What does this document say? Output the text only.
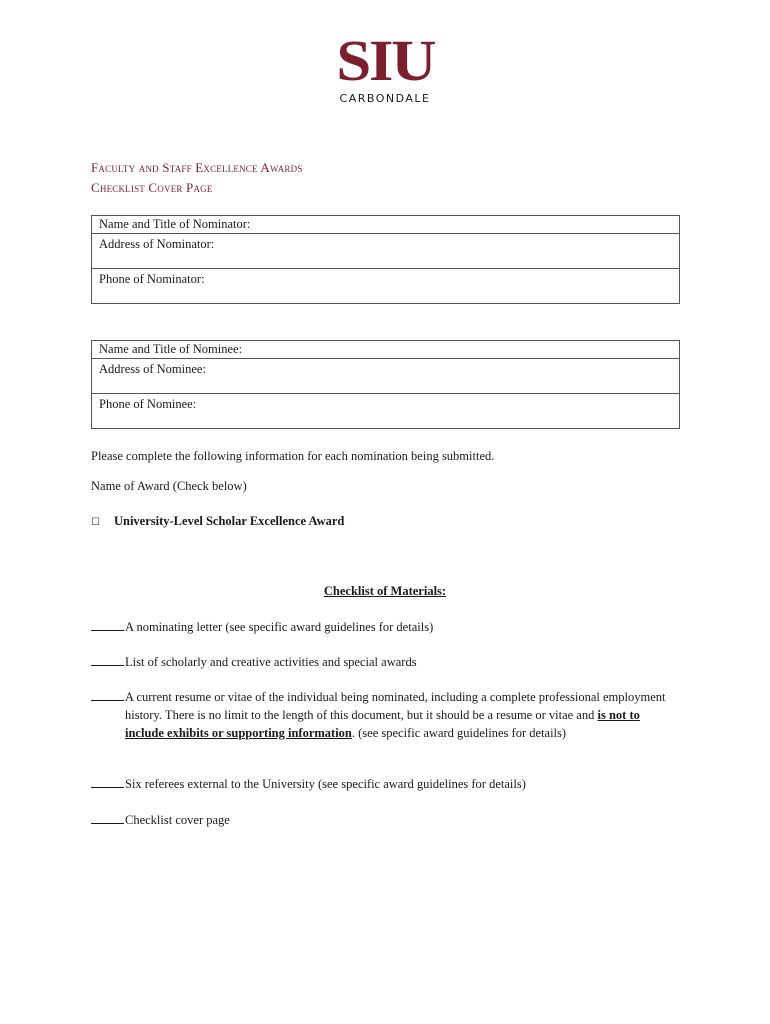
SIU
CARBONDALE
Faculty and Staff Excellence Awards
Checklist Cover Page
Name and Title of Nominator:
Address of Nominator:
Phone of Nominator:
Name and Title of Nominee:
Address of Nominee:
Phone of Nominee:
Please complete the following information for each nomination being submitted.
Name of Award (Check below)
☐ University-Level Scholar Excellence Award
Checklist of Materials:
A nominating letter (see specific award guidelines for details)
List of scholarly and creative activities and special awards
A current resume or vitae of the individual being nominated, including a complete professional employment history. There is no limit to the length of this document, but it should be a resume or vitae and is not to include exhibits or supporting information. (see specific award guidelines for details)
Six referees external to the University (see specific award guidelines for details)
Checklist cover page
